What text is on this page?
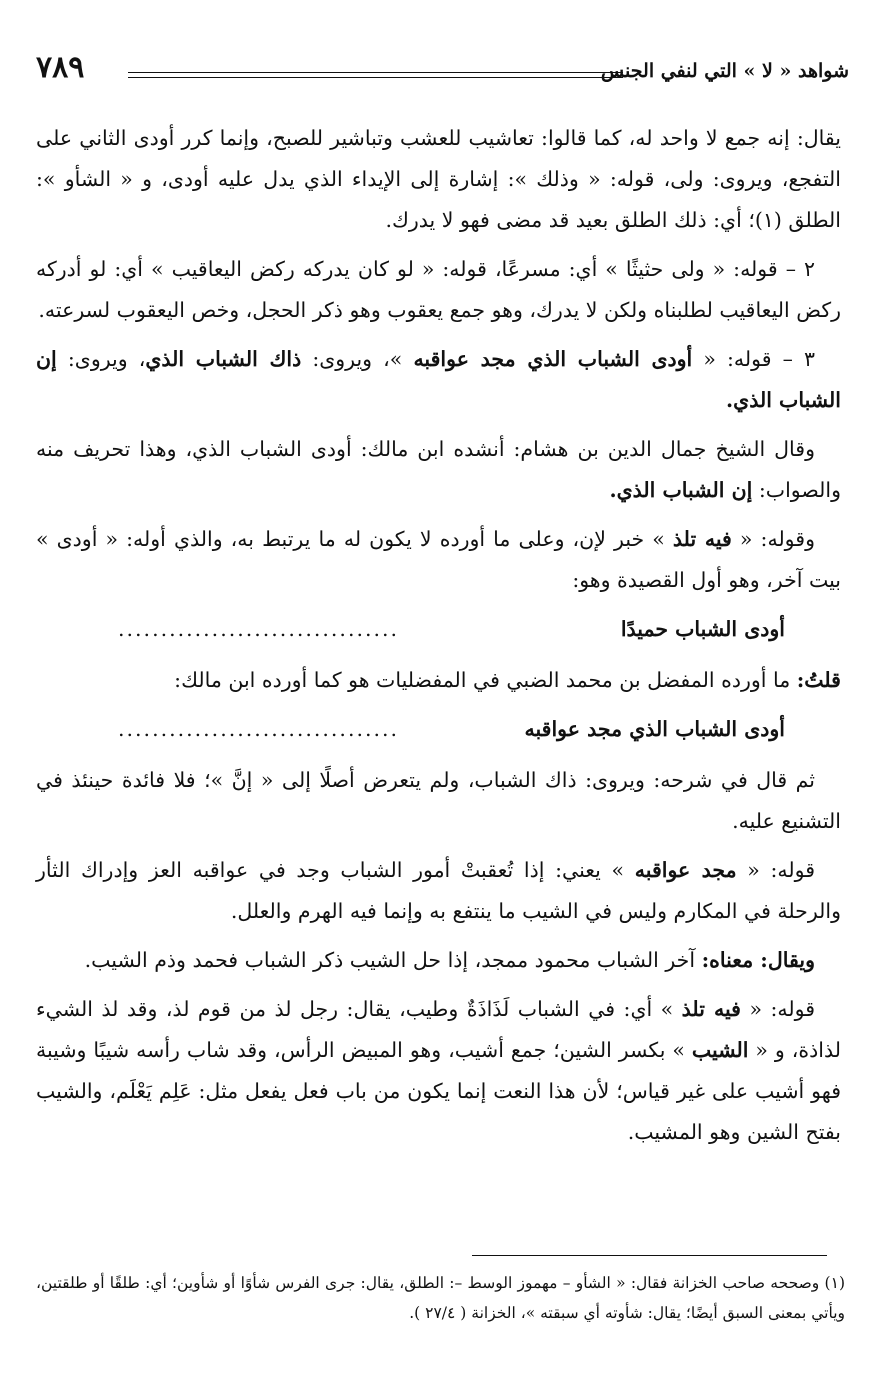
شواهد « لا » التي لنفي الجنس
٧٨٩

يقال: إنه جمع لا واحد له، كما قالوا: تعاشيب للعشب وتباشير للصبح، وإنما كرر أودى الثاني على التفجع، ويروى: ولى، قوله: « وذلك »: إشارة إلى الإيداء الذي يدل عليه أودى، و « الشأو »: الطلق (١)؛ أي: ذلك الطلق بعيد قد مضى فهو لا يدرك.

٢ – قوله: « ولى حثيثًا » أي: مسرعًا، قوله: « لو كان يدركه ركض اليعاقيب » أي: لو أدركه ركض اليعاقيب لطلبناه ولكن لا يدرك، وهو جمع يعقوب وهو ذكر الحجل، وخص اليعقوب لسرعته.

٣ – قوله: « أودى الشباب الذي مجد عواقبه »، ويروى: ذاك الشباب الذي، ويروى: إن الشباب الذي.

وقال الشيخ جمال الدين بن هشام: أنشده ابن مالك: أودى الشباب الذي، وهذا تحريف منه والصواب: إن الشباب الذي.

وقوله: « فيه تلذ » خبر لإن، وعلى ما أورده لا يكون له ما يرتبط به، والذي أوله: « أودى » بيت آخر، وهو أول القصيدة وهو:

أودى الشباب حميدًا
.................................

قلتُ: ما أورده المفضل بن محمد الضبي في المفضليات هو كما أورده ابن مالك:

أودى الشباب الذي مجد عواقبه
.................................

ثم قال في شرحه: ويروى: ذاك الشباب، ولم يتعرض أصلًا إلى « إنَّ »؛ فلا فائدة حينئذ في التشنيع عليه.

قوله: « مجد عواقبه » يعني: إذا تُعقبتْ أمور الشباب وجد في عواقبه العز وإدراك الثأر والرحلة في المكارم وليس في الشيب ما ينتفع به وإنما فيه الهرم والعلل.

ويقال: معناه: آخر الشباب محمود ممجد، إذا حل الشيب ذكر الشباب فحمد وذم الشيب.

قوله: « فيه تلذ » أي: في الشباب لَذَاذَةٌ وطيب، يقال: رجل لذ من قوم لذ، وقد لذ الشيء لذاذة، و « الشيب » بكسر الشين؛ جمع أشيب، وهو المبيض الرأس، وقد شاب رأسه شيبًا وشيبة فهو أشيب على غير قياس؛ لأن هذا النعت إنما يكون من باب فعل يفعل مثل: عَلِم يَعْلَم، والشيب بفتح الشين وهو المشيب.

(١) وصححه صاحب الخزانة فقال: « الشأو – مهموز الوسط –: الطلق، يقال: جرى الفرس شأوًا أو شأوين؛ أي: طلقًا أو طلقتين، ويأتي بمعنى السبق أيضًا؛ يقال: شأوته أي سبقته »، الخزانة ( ٢٧/٤ ).
